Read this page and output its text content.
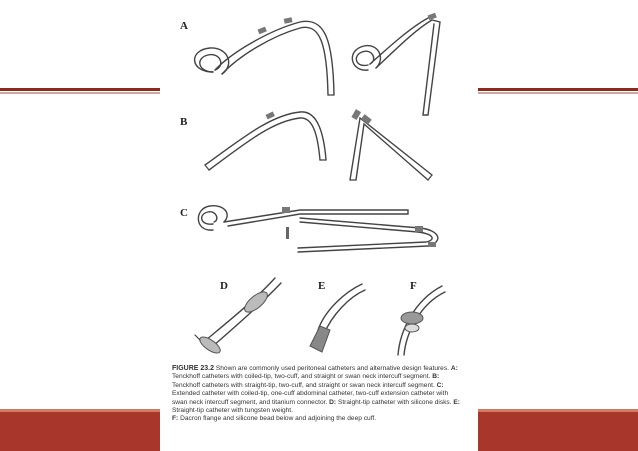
A
B
C
D	E	F
FIGURE 23.2 Shown are commonly used peritoneal catheters and alternative design features. A: Tenckhoff catheters with coiled-tip, two-cuff, and straight or swan neck intercuff segment. B: Tenckhoff catheters with straight-tip, two-cuff, and straight or swan neck intercuff segment. C: Extended catheter with coiled-tip, one-cuff abdominal catheter, two-cuff extension catheter with swan neck intercuff segment, and titanium connector. D: Straight-tip catheter with silicone disks. E: Straight-tip catheter with tungsten weight.
F: Dacron flange and silicone bead below and adjoining the deep cuff.
